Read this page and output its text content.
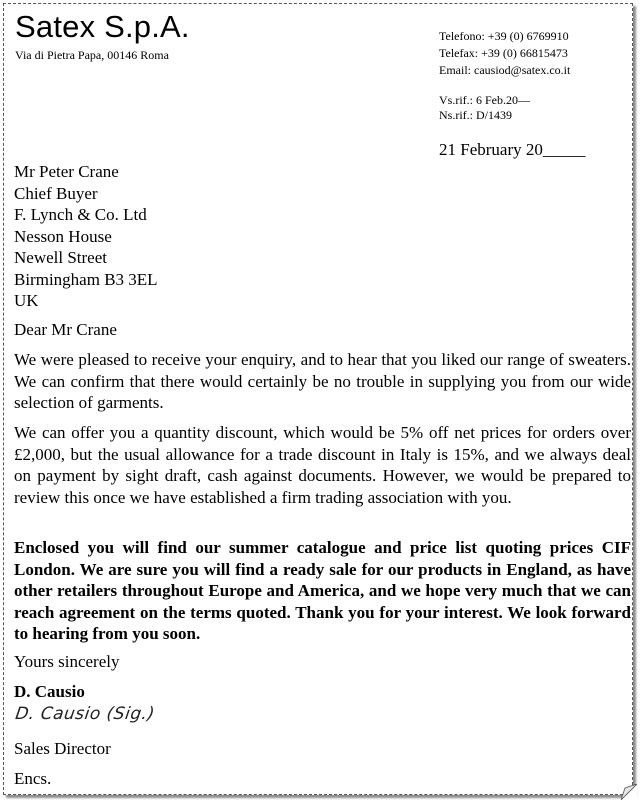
Satex S.p.A.
Via di Pietra Papa, 00146 Roma
Telefono: +39 (0) 6769910
Telefax: +39 (0) 66815473
Email: causiod@satex.co.it
Vs.rif.: 6 Feb.20—
Ns.rif.: D/1439
21 February 20_____
Mr Peter Crane
Chief Buyer
F. Lynch & Co. Ltd
Nesson House
Newell Street
Birmingham B3 3EL
UK
Dear Mr Crane

We were pleased to receive your enquiry, and to hear that you liked our range of sweaters. We can confirm that there would certainly be no trouble in supplying you from our wide selection of garments.

We can offer you a quantity discount, which would be 5% off net prices for orders over £2,000, but the usual allowance for a trade discount in Italy is 15%, and we always deal on payment by sight draft, cash against documents. However, we would be prepared to review this once we have established a firm trading association with you.

Enclosed you will find our summer catalogue and price list quoting prices CIF London. We are sure you will find a ready sale for our products in England, as have other retailers throughout Europe and America, and we hope very much that we can reach agreement on the terms quoted. Thank you for your interest. We look forward to hearing from you soon.

Yours sincerely
D. Causio
D. Causio (Sig.)
Sales Director
Encs.
